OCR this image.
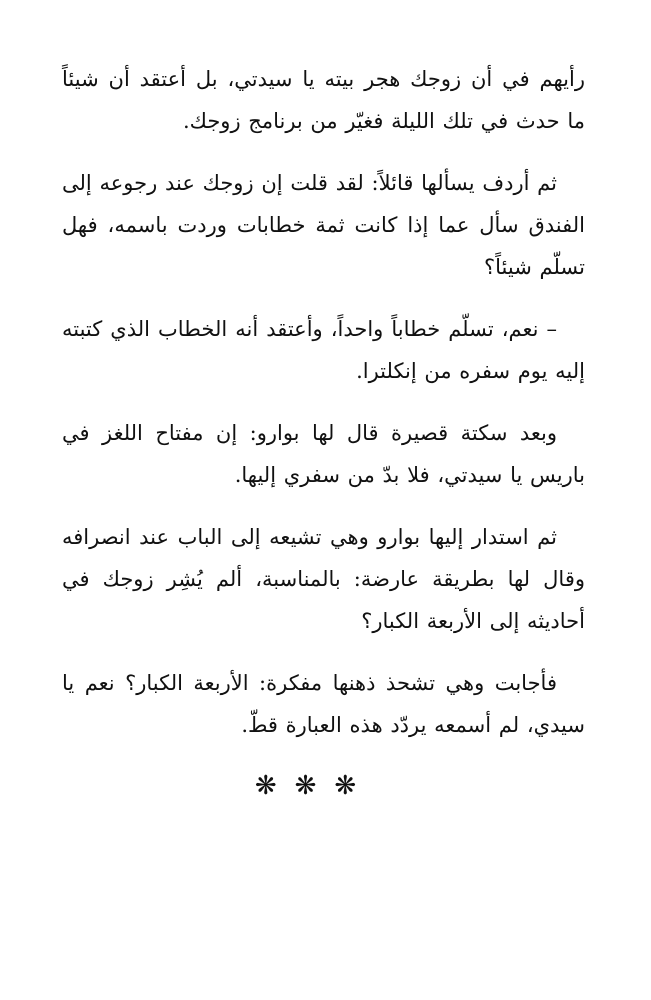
رأيهم في أن زوجك هجر بيته يا سيدتي، بل أعتقد أن شيئاً ما حدث في تلك الليلة فغيّر من برنامج زوجك.

ثم أردف يسألها قائلاً: لقد قلت إن زوجك عند رجوعه إلى الفندق سأل عما إذا كانت ثمة خطابات وردت باسمه، فهل تسلّم شيئاً؟

– نعم، تسلّم خطاباً واحداً، وأعتقد أنه الخطاب الذي كتبته إليه يوم سفره من إنكلترا.

وبعد سكتة قصيرة قال لها بوارو: إن مفتاح اللغز في باريس يا سيدتي، فلا بدّ من سفري إليها.

ثم استدار إليها بوارو وهي تشيعه إلى الباب عند انصرافه وقال لها بطريقة عارضة: بالمناسبة، ألم يُشِر زوجك في أحاديثه إلى الأربعة الكبار؟

فأجابت وهي تشحذ ذهنها مفكرة: الأربعة الكبار؟ نعم يا سيدي، لم أسمعه يردّد هذه العبارة قطّ.

❋❋❋
